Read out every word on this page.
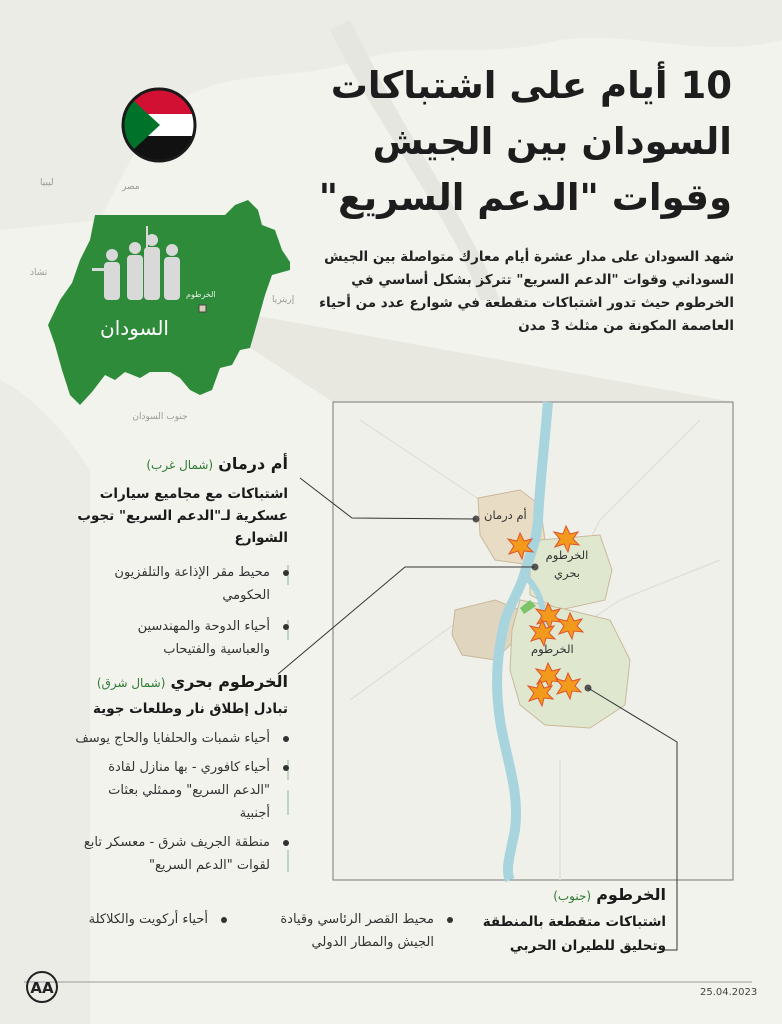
AA
ليبيا	مصر
تشاد
إريتريا
جنوب السودان
السودان
الخرطوم
10 أيام على اشتباكات السودان بين الجيش وقوات "الدعم السريع"
شهد السودان على مدار عشرة أيام معارك متواصلة بين الجيش السوداني وقوات "الدعم السريع" تتركز بشكل أساسي في الخرطوم حيث تدور اشتباكات متقطعة في شوارع عدد من أحياء العاصمة المكونة من مثلث 3 مدن
أم درمان
الخرطوم بحري
الخرطوم
أم درمان (شمال غرب)
اشتباكات مع مجاميع سيارات عسكرية لـ"الدعم السريع" تجوب الشوارع
محيط مقر الإذاعة والتلفزيون الحكومي
أحياء الدوحة والمهندسين والعباسية والفتيحاب
الخرطوم بحري (شمال شرق)
تبادل إطلاق نار وطلعات جوية
أحياء شمبات والحلفايا والحاج يوسف
أحياء كافوري - بها منازل لقادة "الدعم السريع" وممثلي بعثات أجنبية
منطقة الجريف شرق - معسكر تابع لقوات "الدعم السريع"
الخرطوم (جنوب)
اشتباكات متقطعة بالمنطقة وتحليق للطيران الحربي
محيط القصر الرئاسي وقيادة الجيش والمطار الدولي
أحياء أركويت والكلاكلة
25.04.2023
